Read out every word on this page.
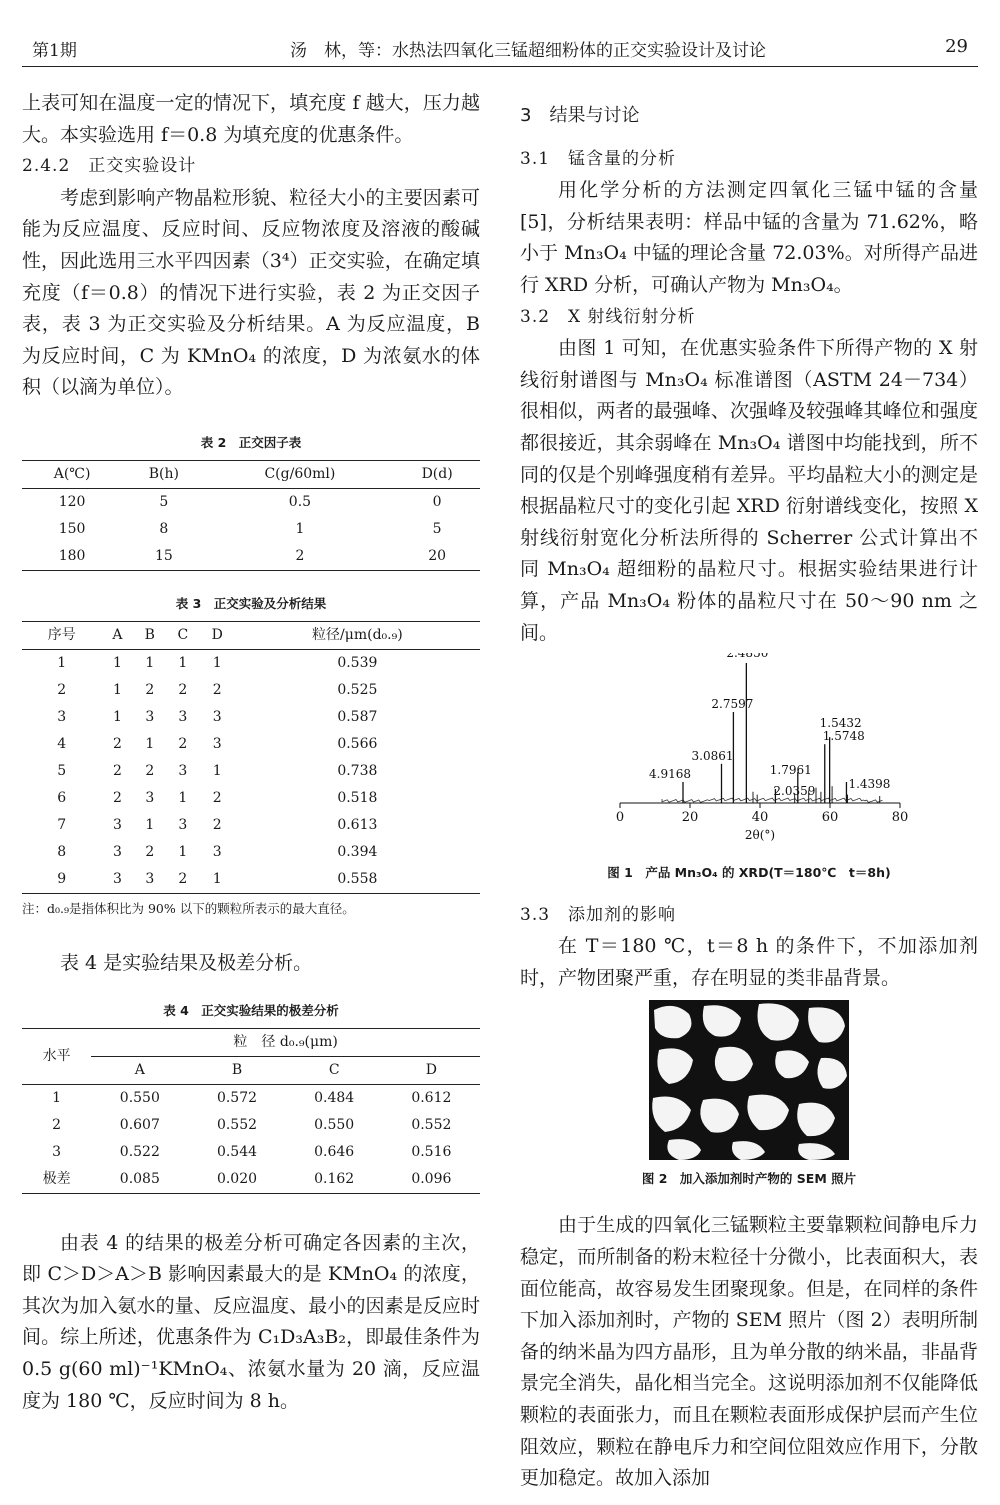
第1期	汤　林，等：水热法四氧化三锰超细粉体的正交实验设计及讨论	29

上表可知在温度一定的情况下，填充度 f 越大，压力越大。本实验选用 f＝0.8 为填充度的优惠条件。

2.4.2　正交实验设计

考虑到影响产物晶粒形貌、粒径大小的主要因素可能为反应温度、反应时间、反应物浓度及溶液的酸碱性，因此选用三水平四因素（3⁴）正交实验，在确定填充度（f＝0.8）的情况下进行实验，表 2 为正交因子表，表 3 为正交实验及分析结果。A 为反应温度，B 为反应时间，C 为 KMnO₄ 的浓度，D 为浓氨水的体积（以滴为单位）。

表 2　正交因子表

A(℃)	B(h)	C(g/60ml)	D(d)
120	5	0.5	0
150	8	1	5
180	15	2	20

表 3　正交实验及分析结果

序号	A	B	C	D	粒径/μm(d₀.₉)
1	1	1	1	1	0.539
2	1	2	2	2	0.525
3	1	3	3	3	0.587
4	2	1	2	3	0.566
5	2	2	3	1	0.738
6	2	3	1	2	0.518
7	3	1	3	2	0.613
8	3	2	1	3	0.394
9	3	3	2	1	0.558

注：d₀.₉是指体积比为 90% 以下的颗粒所表示的最大直径。

表 4 是实验结果及极差分析。

表 4　正交实验结果的极差分析

水平	粒　径 d₀.₉(μm)			
	A	B	C	D
1	0.550	0.572	0.484	0.612
2	0.607	0.552	0.550	0.552
3	0.522	0.544	0.646	0.516
极差	0.085	0.020	0.162	0.096

由表 4 的结果的极差分析可确定各因素的主次，即 C＞D＞A＞B 影响因素最大的是 KMnO₄ 的浓度，其次为加入氨水的量、反应温度、最小的因素是反应时间。综上所述，优惠条件为 C₁D₃A₃B₂，即最佳条件为 0.5 g(60 ml)⁻¹KMnO₄、浓氨水量为 20 滴，反应温度为 180 ℃，反应时间为 8 h。

3　结果与讨论

3.1　锰含量的分析

用化学分析的方法测定四氧化三锰中锰的含量[5]，分析结果表明：样品中锰的含量为 71.62%，略小于 Mn₃O₄ 中锰的理论含量 72.03%。对所得产品进行 XRD 分析，可确认产物为 Mn₃O₄。

3.2　X 射线衍射分析

由图 1 可知，在优惠实验条件下所得产物的 X 射线衍射谱图与 Mn₃O₄ 标准谱图（ASTM 24－734）很相似，两者的最强峰、次强峰及较强峰其峰位和强度都很接近，其余弱峰在 Mn₃O₄ 谱图中均能找到，所不同的仅是个别峰强度稍有差异。平均晶粒大小的测定是根据晶粒尺寸的变化引起 XRD 衍射谱线变化，按照 X 射线衍射宽化分析法所得的 Scherrer 公式计算出不同 Mn₃O₄ 超细粉的晶粒尺寸。根据实验结果进行计算，产品 Mn₃O₄ 粉体的晶粒尺寸在 50～90 nm 之间。

4.9168
3.0861
2.7597
2.4850
2.0359
1.7961
1.5748
1.5432
1.4398
0	20	40	60	80
2θ(°)

图 1　产品 Mn₃O₄ 的 XRD(T＝180℃　t＝8h)

3.3　添加剂的影响

在 T＝180 ℃，t＝8 h 的条件下，不加添加剂时，产物团聚严重，存在明显的类非晶背景。

图 2　加入添加剂时产物的 SEM 照片

由于生成的四氧化三锰颗粒主要靠颗粒间静电斥力稳定，而所制备的粉末粒径十分微小，比表面积大，表面位能高，故容易发生团聚现象。但是，在同样的条件下加入添加剂时，产物的 SEM 照片（图 2）表明所制备的纳米晶为四方晶形，且为单分散的纳米晶，非晶背景完全消失，晶化相当完全。这说明添加剂不仅能降低颗粒的表面张力，而且在颗粒表面形成保护层而产生位阻效应，颗粒在静电斥力和空间位阻效应作用下，分散更加稳定。故加入添加
